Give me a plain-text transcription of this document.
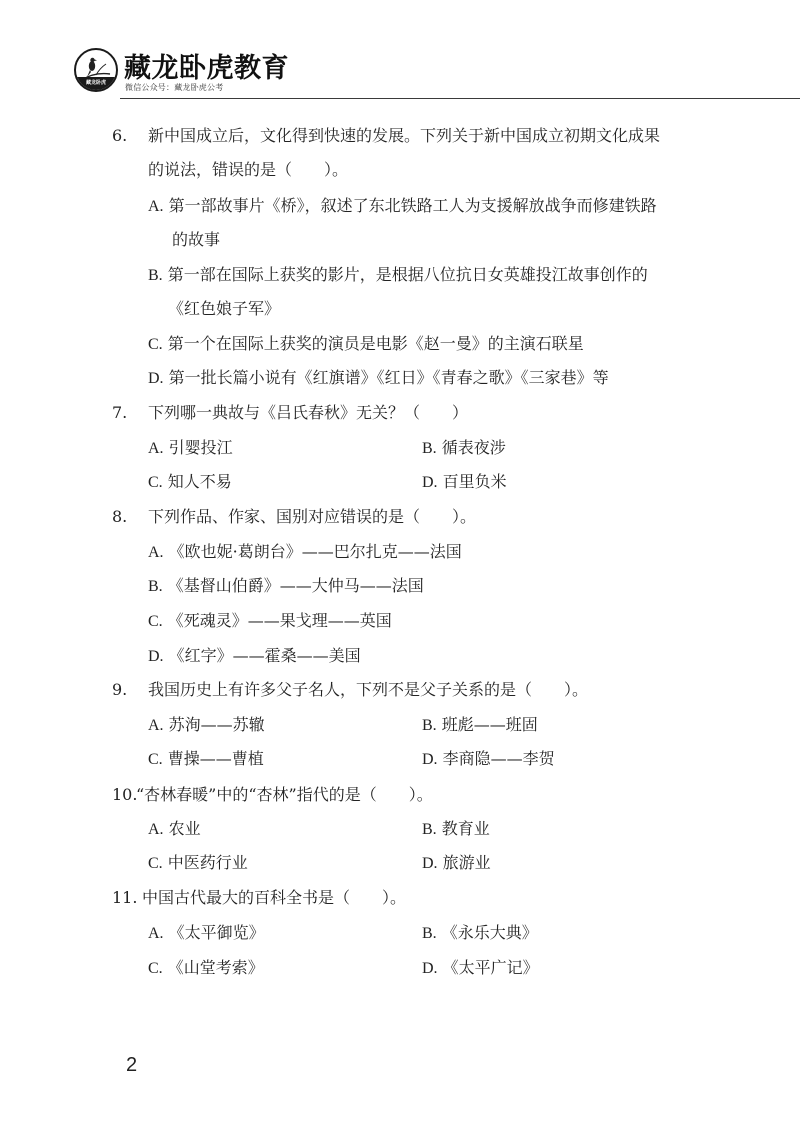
藏龙卧虎 藏龙卧虎教育
微信公众号：藏龙卧虎公考
6. 新中国成立后，文化得到快速的发展。下列关于新中国成立初期文化成果
的说法，错误的是（　　）。
A. 第一部故事片《桥》，叙述了东北铁路工人为支援解放战争而修建铁路
的故事
B. 第一部在国际上获奖的影片，是根据八位抗日女英雄投江故事创作的
《红色娘子军》
C. 第一个在国际上获奖的演员是电影《赵一曼》的主演石联星
D. 第一批长篇小说有《红旗谱》《红日》《青春之歌》《三家巷》等
7. 下列哪一典故与《吕氏春秋》无关？（　　）
A. 引婴投江	B. 循表夜涉
C. 知人不易	D. 百里负米
8. 下列作品、作家、国别对应错误的是（　　）。
A. 《欧也妮·葛朗台》——巴尔扎克——法国
B. 《基督山伯爵》——大仲马——法国
C. 《死魂灵》——果戈理——英国
D. 《红字》——霍桑——美国
9. 我国历史上有许多父子名人，下列不是父子关系的是（　　）。
A. 苏洵——苏辙	B. 班彪——班固
C. 曹操——曹植	D. 李商隐——李贺
10.
“杏林春暖”中的“杏林”指代的是（　　）。
A. 农业	B. 教育业
C. 中医药行业	D. 旅游业
11. 中国古代最大的百科全书是（　　）。
A. 《太平御览》	B. 《永乐大典》
C. 《山堂考索》	D. 《太平广记》
2
